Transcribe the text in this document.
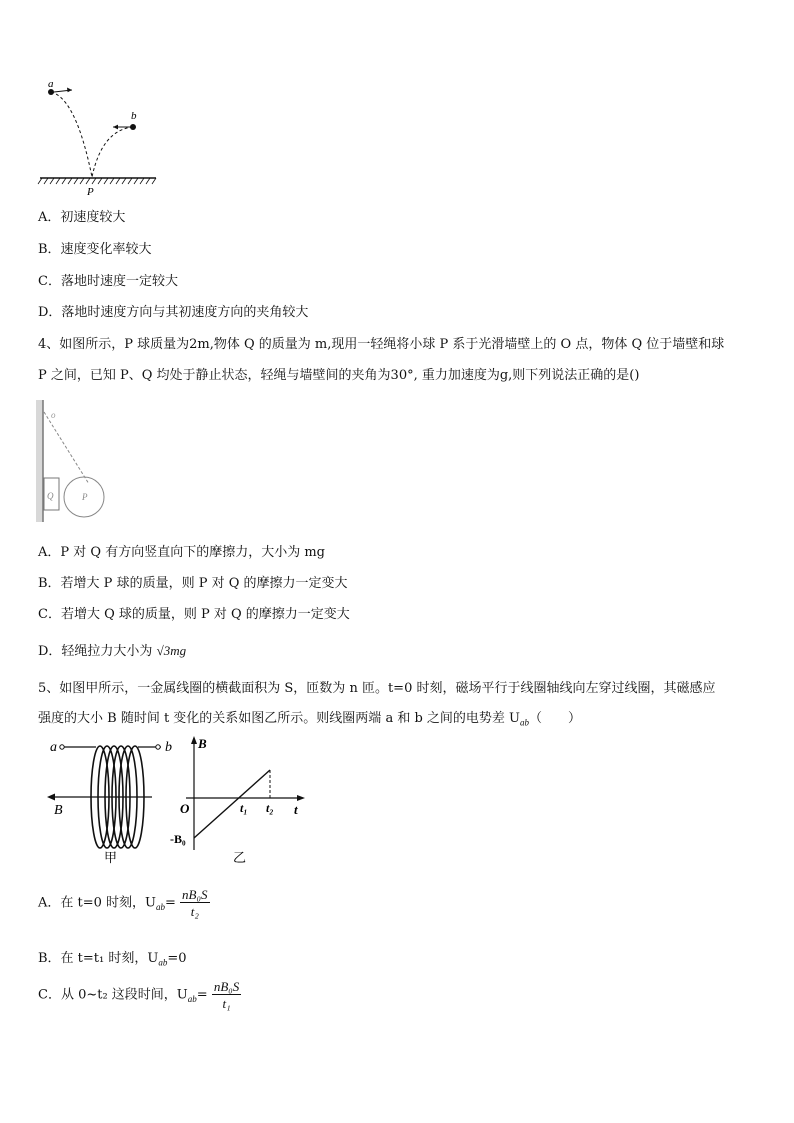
a
b
P
A．初速度较大
B．速度变化率较大
C．落地时速度一定较大
D．落地时速度方向与其初速度方向的夹角较大
4、如图所示，P 球质量为2m,物体 Q 的质量为 m,现用一轻绳将小球 P 系于光滑墙壁上的 O 点，物体 Q 位于墙壁和球
P 之间，已知 P、Q 均处于静止状态，轻绳与墙壁间的夹角为30°, 重力加速度为g,则下列说法正确的是()
o
Q	P
A．P 对 Q 有方向竖直向下的摩擦力，大小为 mg
B．若增大 P 球的质量，则 P 对 Q 的摩擦力一定变大
C．若增大 Q 球的质量，则 P 对 Q 的摩擦力一定变大
D．轻绳拉力大小为 √3mg
5、如图甲所示，一金属线圈的横截面积为 S，匝数为 n 匝。t=0 时刻，磁场平行于线圈轴线向左穿过线圈，其磁感应
强度的大小 B 随时间 t 变化的关系如图乙所示。则线圈两端 a 和 b 之间的电势差 $U_{ab}$（　　）
a	b
B
甲
B
t
O	t₁ t₂
-B₀
乙
A．在 t=0 时刻，$U_{ab}= \frac{\text{nB₀S}}{\text{t₂}}$
B．在 t=t₁ 时刻，$U_{ab}=0$
C．从 0~t₂ 这段时间，$U_{ab}= \frac{\text{nB₀S}}{\text{t₁}}$
